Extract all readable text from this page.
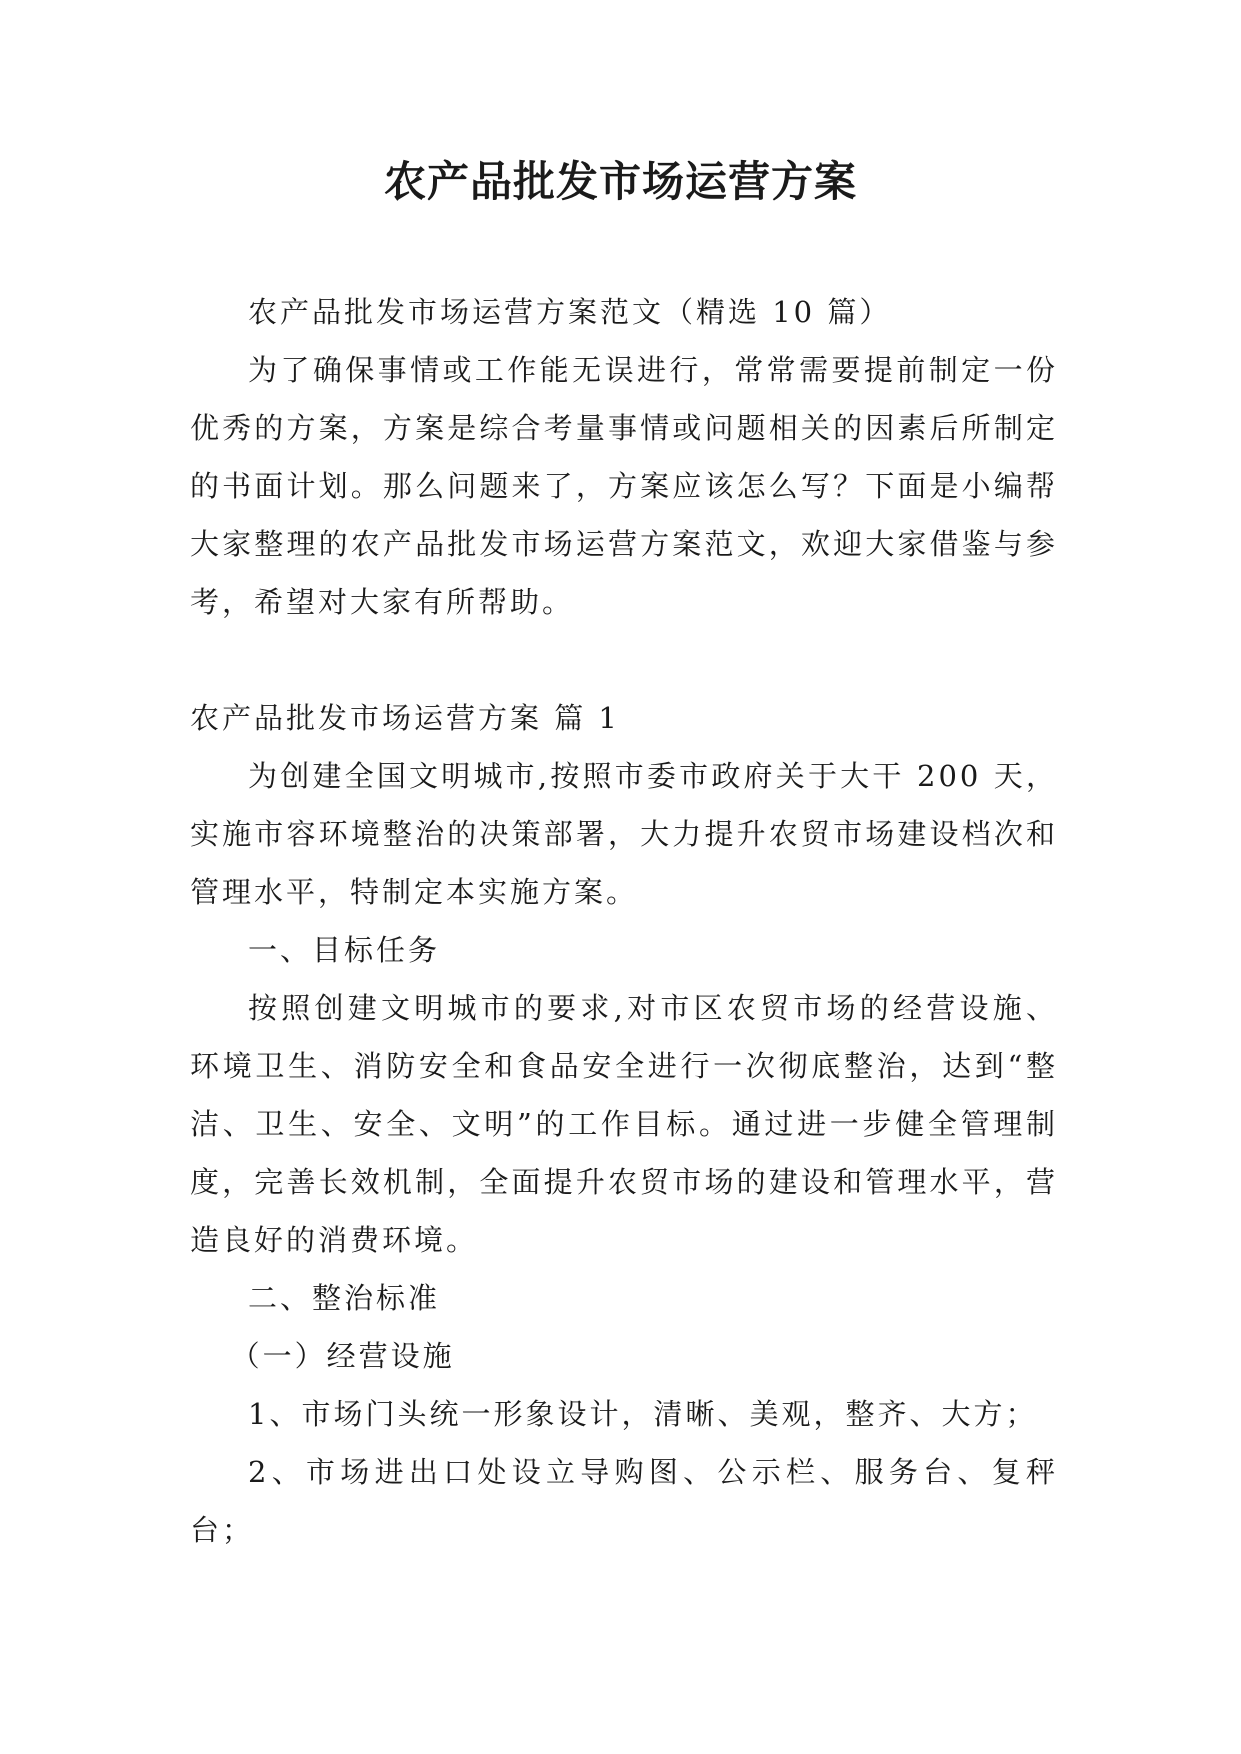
农产品批发市场运营方案

农产品批发市场运营方案范文（精选 10 篇）

为了确保事情或工作能无误进行，常常需要提前制定一份优秀的方案，方案是综合考量事情或问题相关的因素后所制定的书面计划。那么问题来了，方案应该怎么写？下面是小编帮大家整理的农产品批发市场运营方案范文，欢迎大家借鉴与参考，希望对大家有所帮助。

农产品批发市场运营方案 篇 1

为创建全国文明城市,按照市委市政府关于大干 200 天，实施市容环境整治的决策部署，大力提升农贸市场建设档次和管理水平，特制定本实施方案。

一、目标任务

按照创建文明城市的要求,对市区农贸市场的经营设施、环境卫生、消防安全和食品安全进行一次彻底整治，达到“整洁、卫生、安全、文明”的工作目标。通过进一步健全管理制度，完善长效机制，全面提升农贸市场的建设和管理水平，营造良好的消费环境。

二、整治标准

（一）经营设施

1、市场门头统一形象设计，清晰、美观，整齐、大方；

2、市场进出口处设立导购图、公示栏、服务台、复秤台；
